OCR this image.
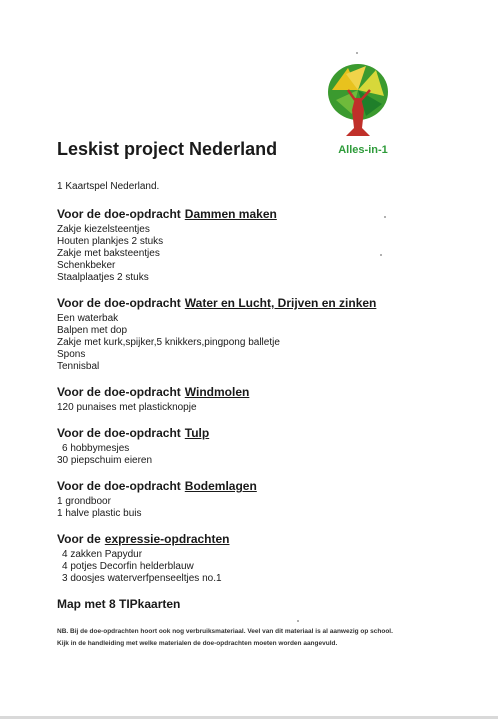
Alles-in-1
Leskist project Nederland
1 Kaartspel Nederland.
Voor de doe-opdracht Dammen maken

Zakje kiezelsteentjes

Houten plankjes 2 stuks

Zakje met baksteentjes

Schenkbeker

Staalplaatjes 2 stuks

Voor de doe-opdracht Water en Lucht, Drijven en zinken

Een waterbak

Balpen met dop

Zakje met kurk,spijker,5 knikkers,pingpong balletje

Spons

Tennisbal

Voor de doe-opdracht Windmolen

120 punaises met plasticknopje

Voor de doe-opdracht Tulp

6 hobbymesjes

30 piepschuim eieren

Voor de doe-opdracht Bodemlagen

1 grondboor

1 halve plastic buis

Voor de expressie-opdrachten

4 zakken Papydur

4 potjes Decorfin helderblauw

3 doosjes waterverfpenseeltjes no.1

Map met 8 TIPkaarten

NB. Bij de doe-opdrachten hoort ook nog verbruiksmateriaal. Veel van dit materiaal is al aanwezig op school.
Kijk in de handleiding met welke materialen de doe-opdrachten moeten worden aangevuld.
